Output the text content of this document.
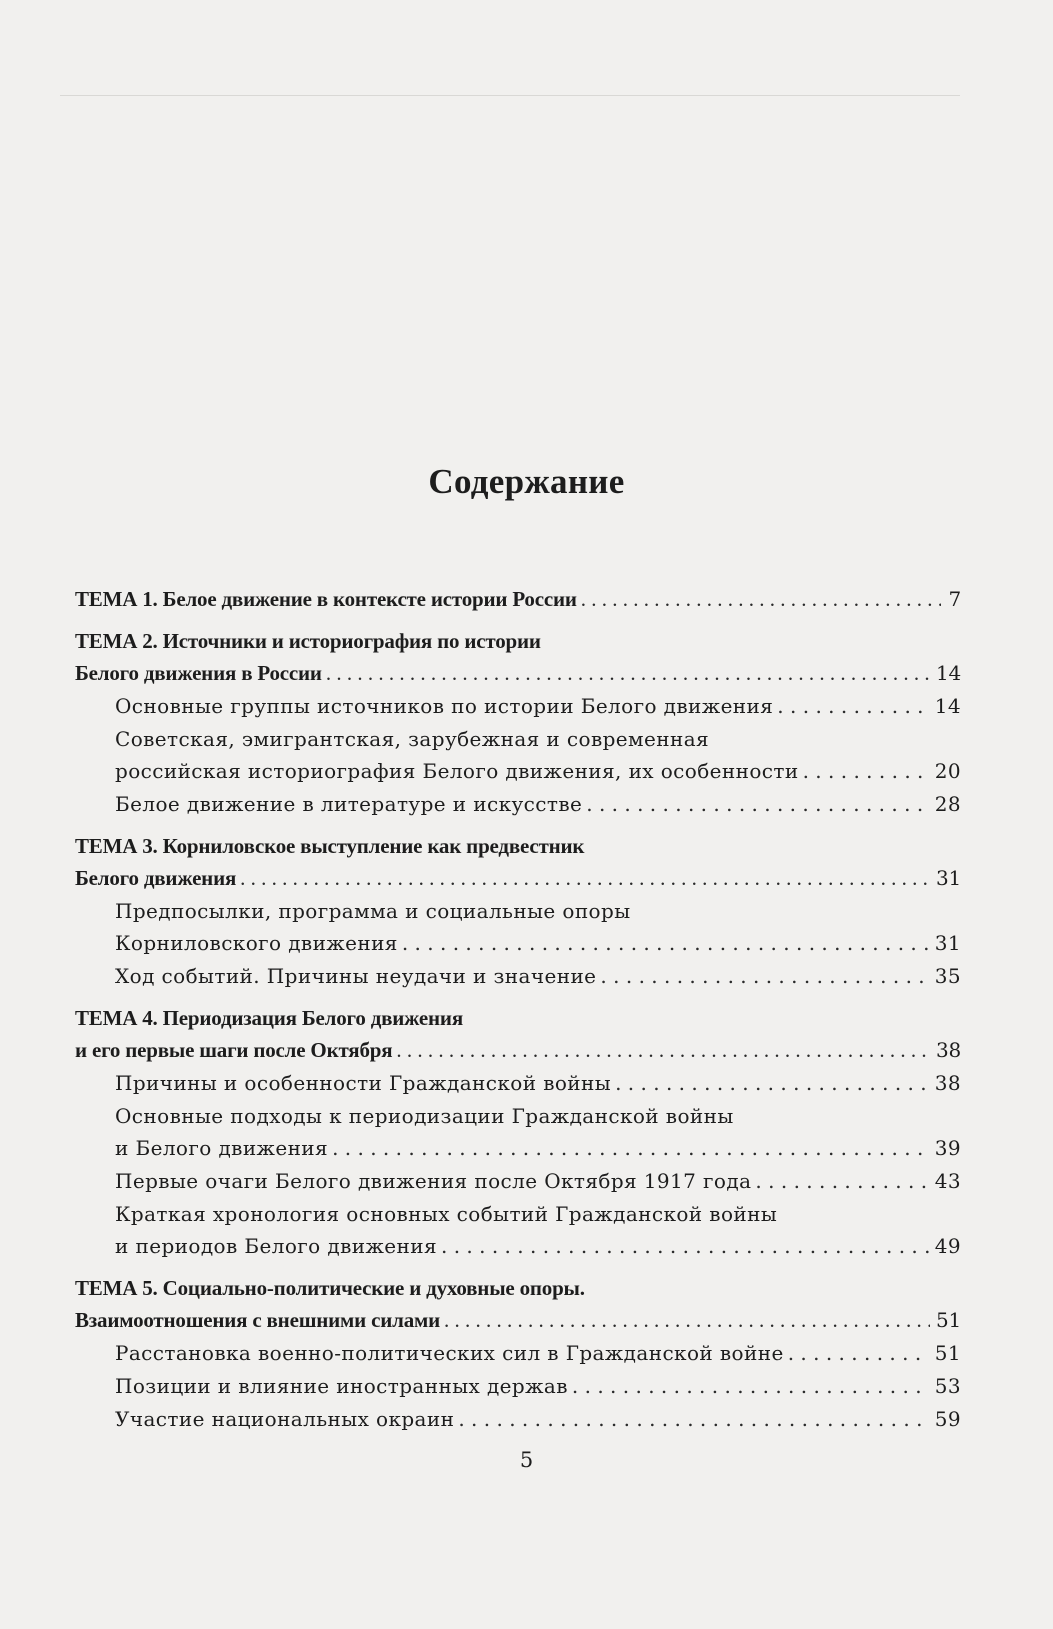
Содержание
ТЕМА 1. Белое движение в контексте истории России . . .	7
ТЕМА 2. Источники и историография по истории
Белого движения в России . . .	14
Основные группы источников по истории Белого движения . . .	14
Советская, эмигрантская, зарубежная и современная
российская историография Белого движения, их особенности . . .	20
Белое движение в литературе и искусстве . . .	28
ТЕМА 3. Корниловское выступление как предвестник
Белого движения . . .	31
Предпосылки, программа и социальные опоры
Корниловского движения . . .	31
Ход событий. Причины неудачи и значение . . .	35
ТЕМА 4. Периодизация Белого движения
и его первые шаги после Октября . . .	38
Причины и особенности Гражданской войны . . .	38
Основные подходы к периодизации Гражданской войны
и Белого движения . . .	39
Первые очаги Белого движения после Октября 1917 года . . .	43
Краткая хронология основных событий Гражданской войны
и периодов Белого движения . . .	49
ТЕМА 5. Социально-политические и духовные опоры.
Взаимоотношения с внешними силами . . .	51
Расстановка военно-политических сил в Гражданской войне . . .	51
Позиции и влияние иностранных держав . . .	53
Участие национальных окраин . . .	59
5
